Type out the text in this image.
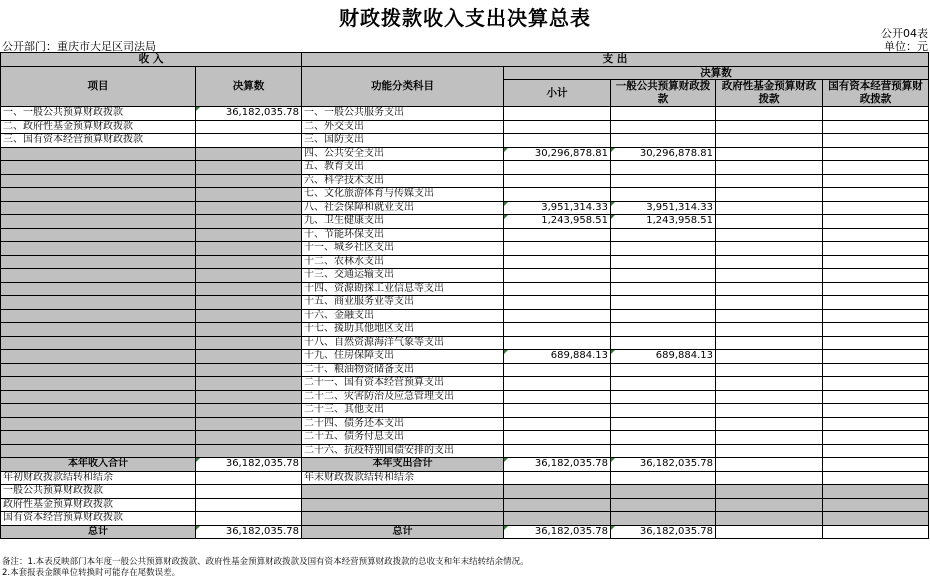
财政拨款收入支出决算总表
公开04表
公开部门：重庆市大足区司法局	单位：元
收 入		支 出				
项目	决算数	功能分类科目	决算数			
			小计	一般公共预算财政拨款	政府性基金预算财政拨款	国有资本经营预算财政拨款

一、一般公共预算财政拨款	36,182,035.78	一、一般公共服务支出				
二、政府性基金预算财政拨款		二、外交支出				
三、国有资本经营预算财政拨款		三、国防支出				
		四、公共安全支出	30,296,878.81	30,296,878.81		
		五、教育支出				
		六、科学技术支出				
		七、文化旅游体育与传媒支出				
		八、社会保障和就业支出	3,951,314.33	3,951,314.33		
		九、卫生健康支出	1,243,958.51	1,243,958.51		
		十、节能环保支出				
		十一、城乡社区支出				
		十二、农林水支出				
		十三、交通运输支出				
		十四、资源勘探工业信息等支出				
		十五、商业服务业等支出				
		十六、金融支出				
		十七、援助其他地区支出				
		十八、自然资源海洋气象等支出				
		十九、住房保障支出	689,884.13	689,884.13		
		二十、粮油物资储备支出				
		二十一、国有资本经营预算支出				
		二十二、灾害防治及应急管理支出				
		二十三、其他支出				
		二十四、债务还本支出				
		二十五、债务付息支出				
		二十六、抗疫特别国债安排的支出				
本年收入合计	36,182,035.78	本年支出合计	36,182,035.78	36,182,035.78		
年初财政拨款结转和结余		年末财政拨款结转和结余				
一般公共预算财政拨款						
政府性基金预算财政拨款						
国有资本经营预算财政拨款						
总计	36,182,035.78	总计	36,182,035.78	36,182,035.78		
备注：1.本表反映部门本年度一般公共预算财政拨款、政府性基金预算财政拨款及国有资本经营预算财政拨款的总收支和年末结转结余情况。
2.本套报表金额单位转换时可能存在尾数误差。
